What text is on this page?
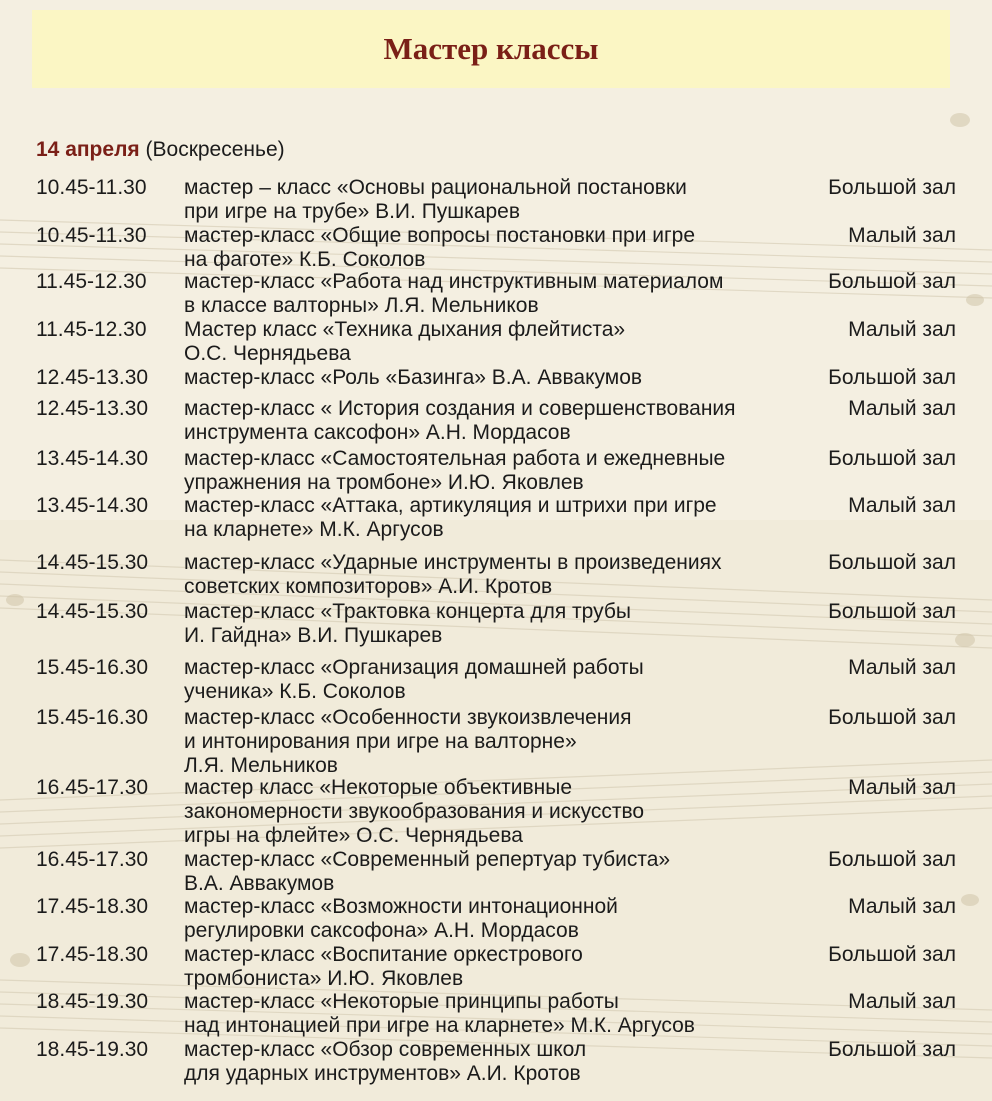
Мастер классы
14 апреля (Воскресенье)
10.45-11.30 мастер – класс «Основы рациональной постановки
при игре на трубе» В.И. Пушкарев
Большой зал
10.45-11.30 мастер-класс «Общие вопросы постановки при игре
на фаготе» К.Б. Соколов
Малый зал
11.45-12.30 мастер-класс «Работа над инструктивным материалом
в классе валторны» Л.Я. Мельников
Большой зал
11.45-12.30 Мастер класс «Техника дыхания флейтиста»
О.С. Чернядьева
Малый зал
12.45-13.30 мастер-класс «Роль «Базинга» В.А. Аввакумов	Большой зал
12.45-13.30 мастер-класс « История создания и совершенствования
инструмента саксофон» А.Н. Мордасов
Малый зал
13.45-14.30 мастер-класс «Самостоятельная работа и ежедневные
упражнения на тромбоне» И.Ю. Яковлев
Большой зал
13.45-14.30 мастер-класс «Аттака, артикуляция и штрихи при игре
на кларнете» М.К. Аргусов
Малый зал
14.45-15.30 мастер-класс «Ударные инструменты в произведениях
советских композиторов» А.И. Кротов
Большой зал
14.45-15.30 мастер-класс «Трактовка концерта для трубы
И. Гайдна» В.И. Пушкарев
Большой зал
15.45-16.30 мастер-класс «Организация домашней работы
ученика» К.Б. Соколов
Малый зал
15.45-16.30 мастер-класс «Особенности звукоизвлечения
и интонирования при игре на валторне»
Л.Я. Мельников
Большой зал
16.45-17.30 мастер класс «Некоторые объективные
закономерности звукообразования и искусство
игры на флейте» О.С. Чернядьева
Малый зал
16.45-17.30 мастер-класс «Современный репертуар тубиста»
В.А. Аввакумов
Большой зал
17.45-18.30 мастер-класс «Возможности интонационной
регулировки саксофона» А.Н. Мордасов
Малый зал
17.45-18.30 мастер-класс «Воспитание оркестрового
тромбониста» И.Ю. Яковлев
Большой зал
18.45-19.30 мастер-класс «Некоторые принципы работы
над интонацией при игре на кларнете» М.К. Аргусов
Малый зал
18.45-19.30 мастер-класс «Обзор современных школ
для ударных инструментов» А.И. Кротов
Большой зал
